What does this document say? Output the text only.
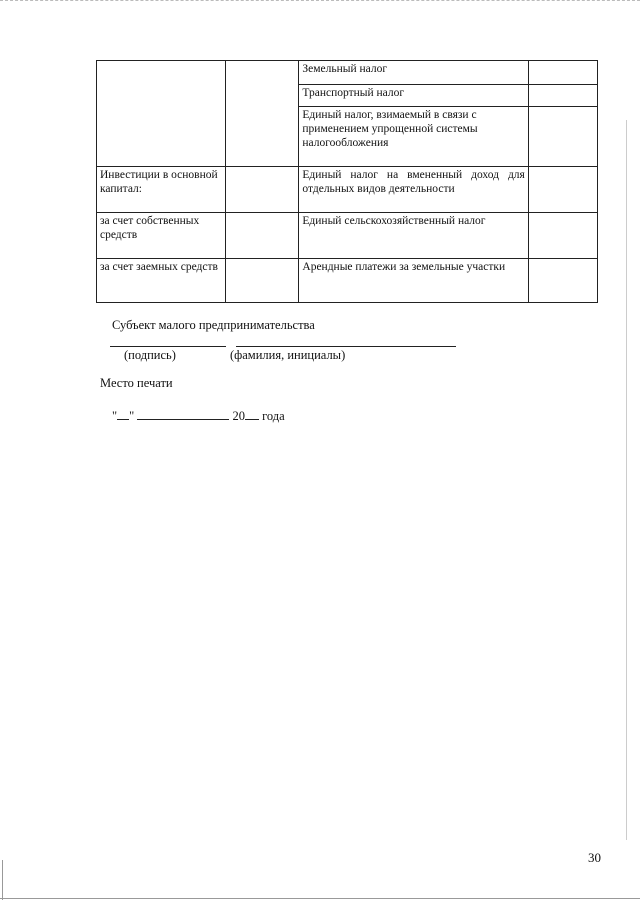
		Земельный налог	
		Транспортный налог	
		Единый налог, взимаемый в связи с применением упрощенной системы налогообложения	
Инвестиции в основной капитал:		Единый налог на вмененный доход для отдельных видов деятельности	
за счет собственных средств		Единый сельскохозяйственный налог	
за счет заемных средств		Арендные платежи за земельные участки	
Субъект малого предпринимательства
(подпись)	(фамилия, инициалы)
Место печати
" "	20 года
30
